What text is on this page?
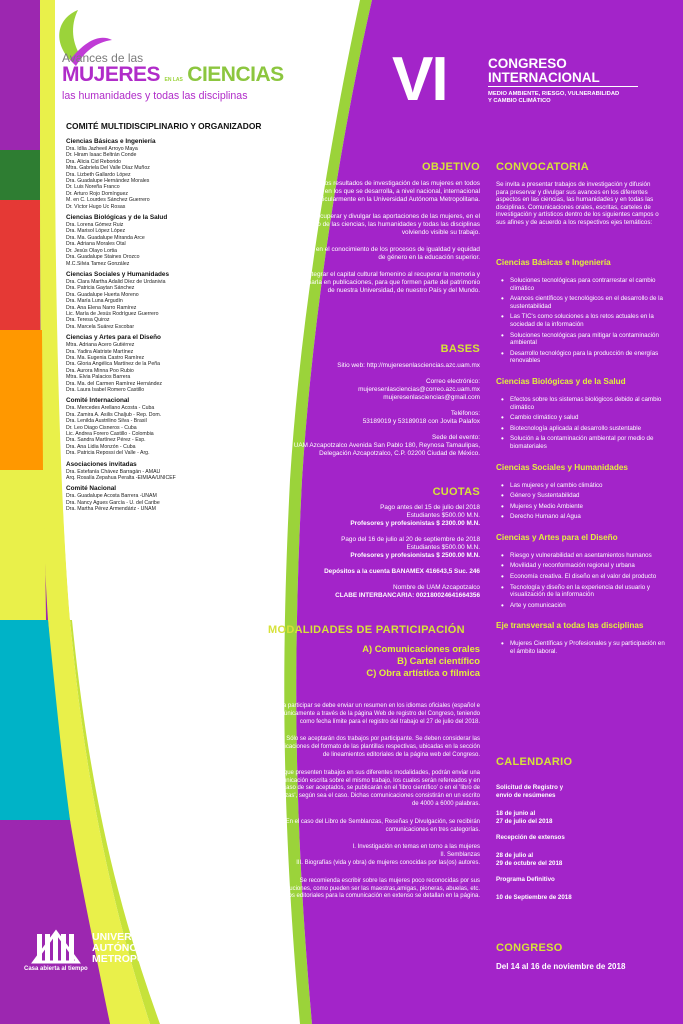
Avances de las
MUJERES EN LAS CIENCIAS
las humanidades y todas las disciplinas	VI	CONGRESO
INTERNACIONAL
MEDIO AMBIENTE, RIESGO, VULNERABILIDAD
Y CAMBIO CLIMÁTICO
COMITÉ MULTIDISCIPLINARIO Y ORGANIZADOR
Ciencias Básicas e Ingeniería
Dra. Idlia Jazheeil Arroyo Maya
Dr. Hiram Isaac Beltrán Conde
Dra. Alicia Cid Reborido
Mtra. Gabriela Del Valle Díaz Muñoz
Dra. Lizbeth Gallardo López
Dra. Guadalupe Hernández Morales
Dr. Luis Noreña Franco
Dr. Arturo Rojo Domínguez
M. en C. Lourdes Sánchez Guerrero
Dr. Víctor Hugo Uc Rosas
Ciencias Biológicas y de la Salud
Dra. Lorena Gómez Ruiz
Dra. Marisol López López
Dra. Ma. Guadalupe Miranda Arce
Dra. Adriana Morales Otal
Dr. Jesús Olayo Lortia
Dra. Guadalupe Staines Orozco
M.C.Silvia Tamez González
Ciencias Sociales y Humanidades
Dra. Clara Martha Adalid Díez de Urdanivia
Dra. Patricia Gaytan Sánchez
Dra. Guadalupe Huerta Moreno
Dra. María Luna Argudín
Dra. Ana Elena Narro Ramírez
Lic. María de Jesús Rodríguez Guerrero
Dra. Teresa Quiroz
Dra. Marcela Suárez Escobar
Ciencias y Artes para el Diseño
Mtra. Adriana Acero Gutiérrez
Dra. Yadira Alatriste Martínez
Dra. Ma. Eugenia Castro Ramírez
Dra. Gloria Angélica Martínez de la Peña
Dra. Aurora Minna Poo Rubio
Mtra. Elvia Palacios Barrera
Dra. Ma. del Carmen Ramírez Hernández
Dra. Laura Isabel Romero Castillo
Comité Internacional
Dra. Mercedes Arellano Acosta - Cuba
Dra. Zamira A. Asilis Chaljub - Rep. Dom.
Dra. Lenilda Austrilino Silva - Brasil
Dr. Leo Diago Cisneros - Cuba
Lic. Andrea Forero Castillo - Colombia
Dra. Sandra Martínez Pérez - Esp.
Dra. Ana Lidia Monzón - Cuba
Dra. Patricia Repossi del Valle - Arg.
Asociaciones invitadas
Dra. Estefanía Chávez Barragán - AMAU
Arq. Rosalía Zepahua Peralta -EIMIAA/UNICEF
Comité Nacional
Dra. Guadalupe Acosta Barrera -UNAM
Dra. Nancy Agues García - U. del Caribe
Dra. Martha Pérez Armendáriz - UNAM
OBJETIVO
Difundir los resultados de investigación de las mujeres en todos los ámbitos en los que se desarrolla, a nivel nacional, internacional y particularmente en la Universidad Autónoma Metropolitana.
Recuperar y divulgar las aportaciones de las mujeres, en el desarrollo de las ciencias, las humanidades y todas las disciplinas volviendo visible su trabajo.
Avanzar en el conocimiento de los procesos de igualdad y equidad de género en la educación superior.
Integrar el capital cultural femenino al recuperar la memoria y plasmarla en publicaciones, para que formen parte del patrimonio de nuestra Universidad, de nuestro País y del Mundo.
BASES
Sitio web: http://mujeresenlasciencias.azc.uam.mx
Correo electrónico:
mujeresenlasciencias@correo.azc.uam.mx
mujeresenlasciencias@gmail.com
Teléfonos:
53189019 y 53189018 con Jovita Palafox
Sede del evento:
UAM Azcapotzalco Avenida San Pablo 180, Reynosa Tamaulipas,
Delegación Azcapotzalco, C.P. 02200 Ciudad de México.
CUOTAS
Pago antes del 15 de julio del 2018
Estudiantes $500.00 M.N.
Profesores y profesionistas $ 2300.00 M.N.
Pago del 16 de julio al 20 de septiembre de 2018
Estudiantes $500.00 M.N.
Profesores y profesionistas $ 2500.00 M.N.
Depósitos a la cuenta BANAMEX 416643,5 Suc. 246
Nombre de UAM Azcapotzalco
CLABE INTERBANCARIA: 002180024641664356
MODALIDADES DE PARTICIPACIÓN
A) Comunicaciones orales
B) Cartel científico
C) Obra artística o fílmica
Para participar se debe enviar un resumen en los idiomas oficiales (español e inglés) únicamente a través de la página Web de registro del Congreso, teniendo como fecha límite para el registro del trabajo el 27 de julio del 2018.
Sólo se aceptarán dos trabajos por participante. Se deben considerar las especificaciones del formato de las plantillas respectivas, ubicadas en la sección de lineamientos editoriales de la página web del Congreso.
Los que presenten trabajos en sus diferentes modalidades, podrán enviar una comunicación escrita sobre el mismo trabajo, los cuales serán refereados y en caso de ser aceptados, se publicarán en el 'libro científico' o en el 'libro de semblanzas', según sea el caso. Dichas comunicaciones consistirán en un escrito de 4000 a 6000 palabras.
En el caso del Libro de Semblanzas, Reseñas y Divulgación, se recibirán comunicaciones en tres categorías.
I. Investigación en temas en torno a las mujeres
II. Semblanzas
III. Biografías (vida y obra) de mujeres conocidas por las(os) autores.
Se recomienda escribir sobre las mujeres poco reconocidas por sus contribuciones, como pueden ser las maestras,amigas, pioneras, abuelas, etc. Los criterios editoriales para la comunicación en extenso se detallan en la página.
CONVOCATORIA
Se invita a presentar trabajos de investigación y difusión para preservar y divulgar sus avances en los diferentes aspectos en las ciencias, las humanidades y en todas las disciplinas. Comunicaciones orales, escritas, carteles de investigación y artísticos dentro de los siguientes campos o sus afines y de acuerdo a los respectivos ejes temáticos:
Ciencias Básicas e Ingeniería
• Soluciones tecnológicas para contrarrestar el cambio climático
• Avances científicos y tecnológicos en el desarrollo de la sustentabilidad
• Las TIC's como soluciones a los retos actuales en la sociedad de la información
• Soluciones tecnológicas para mitigar la contaminación ambiental
• Desarrollo tecnológico para la producción de energías renovables
Ciencias Biológicas y de la Salud
• Efectos sobre los sistemas biológicos debido al cambio climático
• Cambio climático y salud
• Biotecnología aplicada al desarrollo sustentable
• Solución a la contaminación ambiental por medio de biomateriales
Ciencias Sociales y Humanidades
• Las mujeres y el cambio climático
• Género y Sustentabilidad
• Mujeres y Medio Ambiente
• Derecho Humano al Agua
Ciencias y Artes para el Diseño
• Riesgo y vulnerabilidad en asentamientos humanos
• Movilidad y reconformación regional y urbana
• Economía creativa. El diseño en el valor del producto
• Tecnología y diseño en la experiencia del usuario y visualización de la información
• Arte y comunicación
Eje transversal a todas las disciplinas
• Mujeres Científicas y Profesionales y su participación en el ámbito laboral.
CALENDARIO
Solicitud de Registro y
envío de resúmenes
18 de junio al
27 de julio del 2018
Recepción de extensos
28 de julio al
29 de octubre del 2018
Programa Definitivo
10 de Septiembre de 2018
CONGRESO
Del 14 al 16 de noviembre de 2018
UNIVERSIDAD
AUTÓNOMA
METROPOLITANA
Casa abierta al tiempo
